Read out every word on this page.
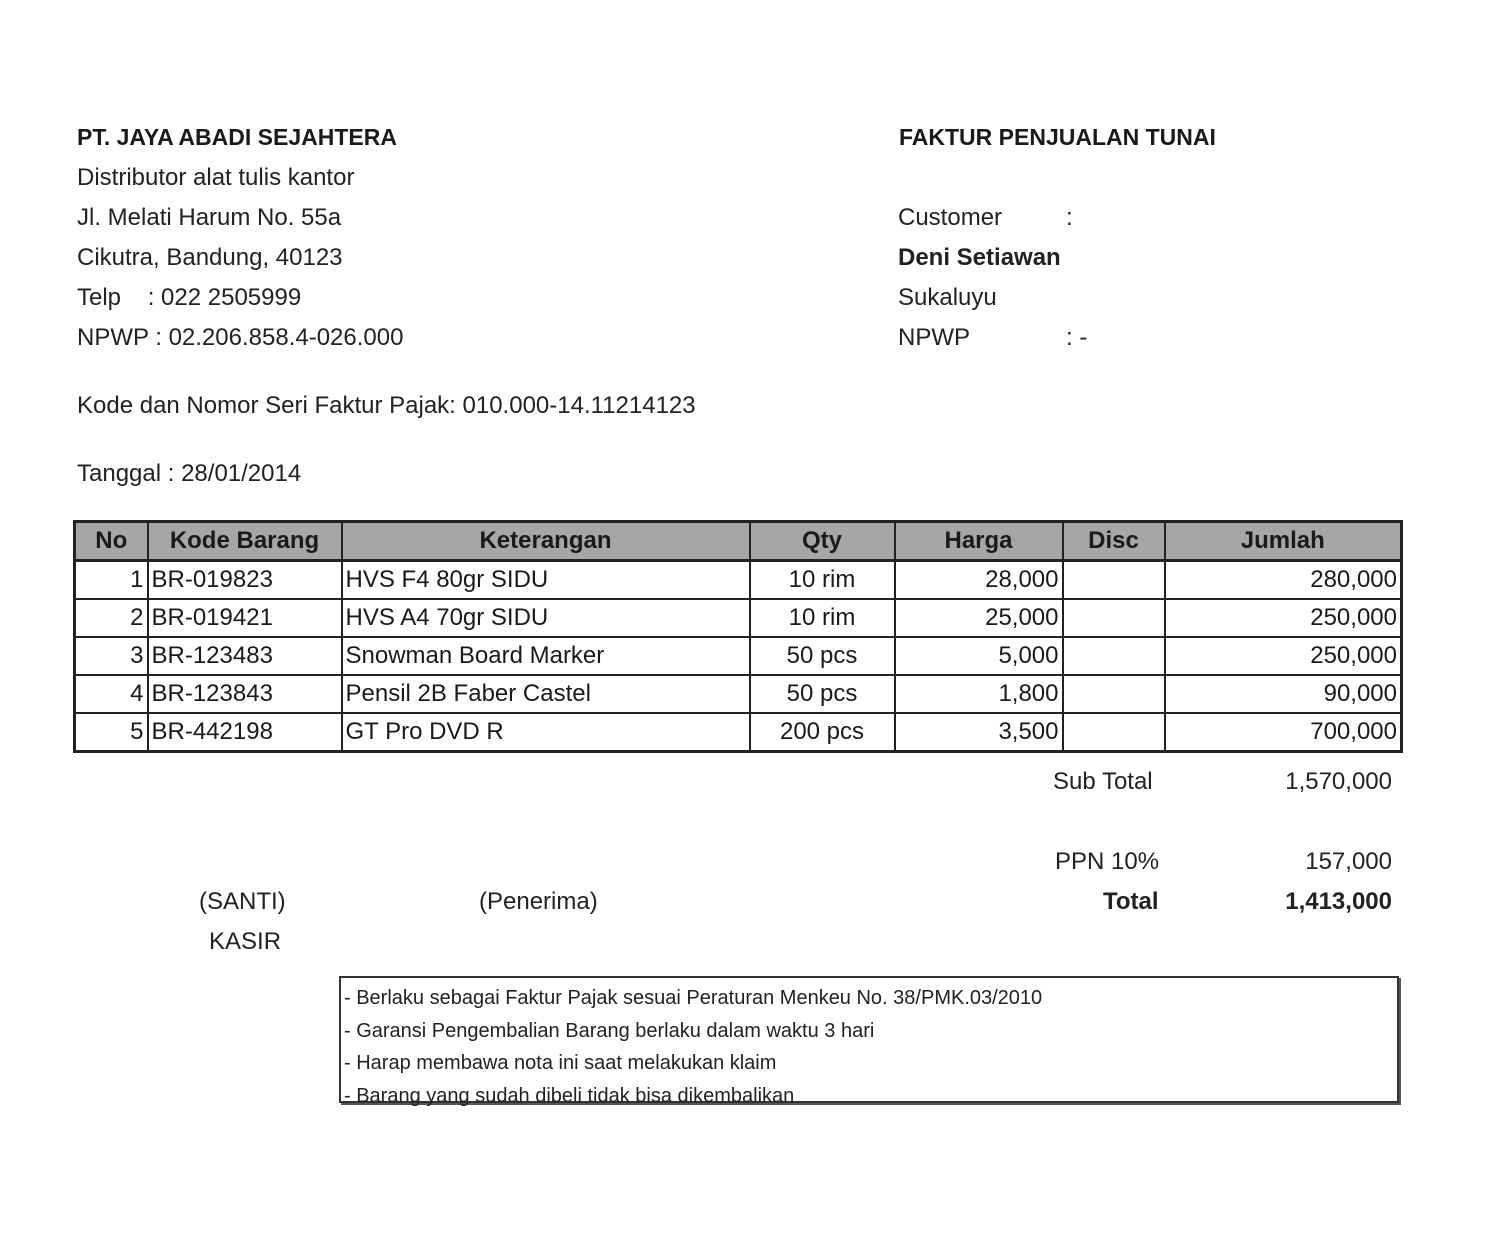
PT. JAYA ABADI SEJAHTERA
Distributor alat tulis kantor
Jl. Melati Harum No. 55a
Cikutra, Bandung, 40123
Telp    : 022 2505999
NPWP : 02.206.858.4-026.000
FAKTUR PENJUALAN TUNAI
Customer	:
Deni Setiawan
Sukaluyu
NPWP	: -
Kode dan Nomor Seri Faktur Pajak: 010.000-14.11214123
Tanggal : 28/01/2014
No	Kode Barang	Keterangan	Qty	Harga	Disc	Jumlah
1	BR-019823	HVS F4 80gr SIDU	10 rim	28,000		280,000
2	BR-019421	HVS A4 70gr SIDU	10 rim	25,000		250,000
3	BR-123483	Snowman Board Marker	50 pcs	5,000		250,000
4	BR-123843	Pensil 2B Faber Castel	50 pcs	1,800		90,000
5	BR-442198	GT Pro DVD R	200 pcs	3,500		700,000
Sub Total	1,570,000
PPN 10%	157,000
Total	1,413,000
(SANTI)
KASIR
(Penerima)
- Berlaku sebagai Faktur Pajak sesuai Peraturan Menkeu No. 38/PMK.03/2010
- Garansi Pengembalian Barang berlaku dalam waktu 3 hari
- Harap membawa nota ini saat melakukan klaim
- Barang yang sudah dibeli tidak bisa dikembalikan
